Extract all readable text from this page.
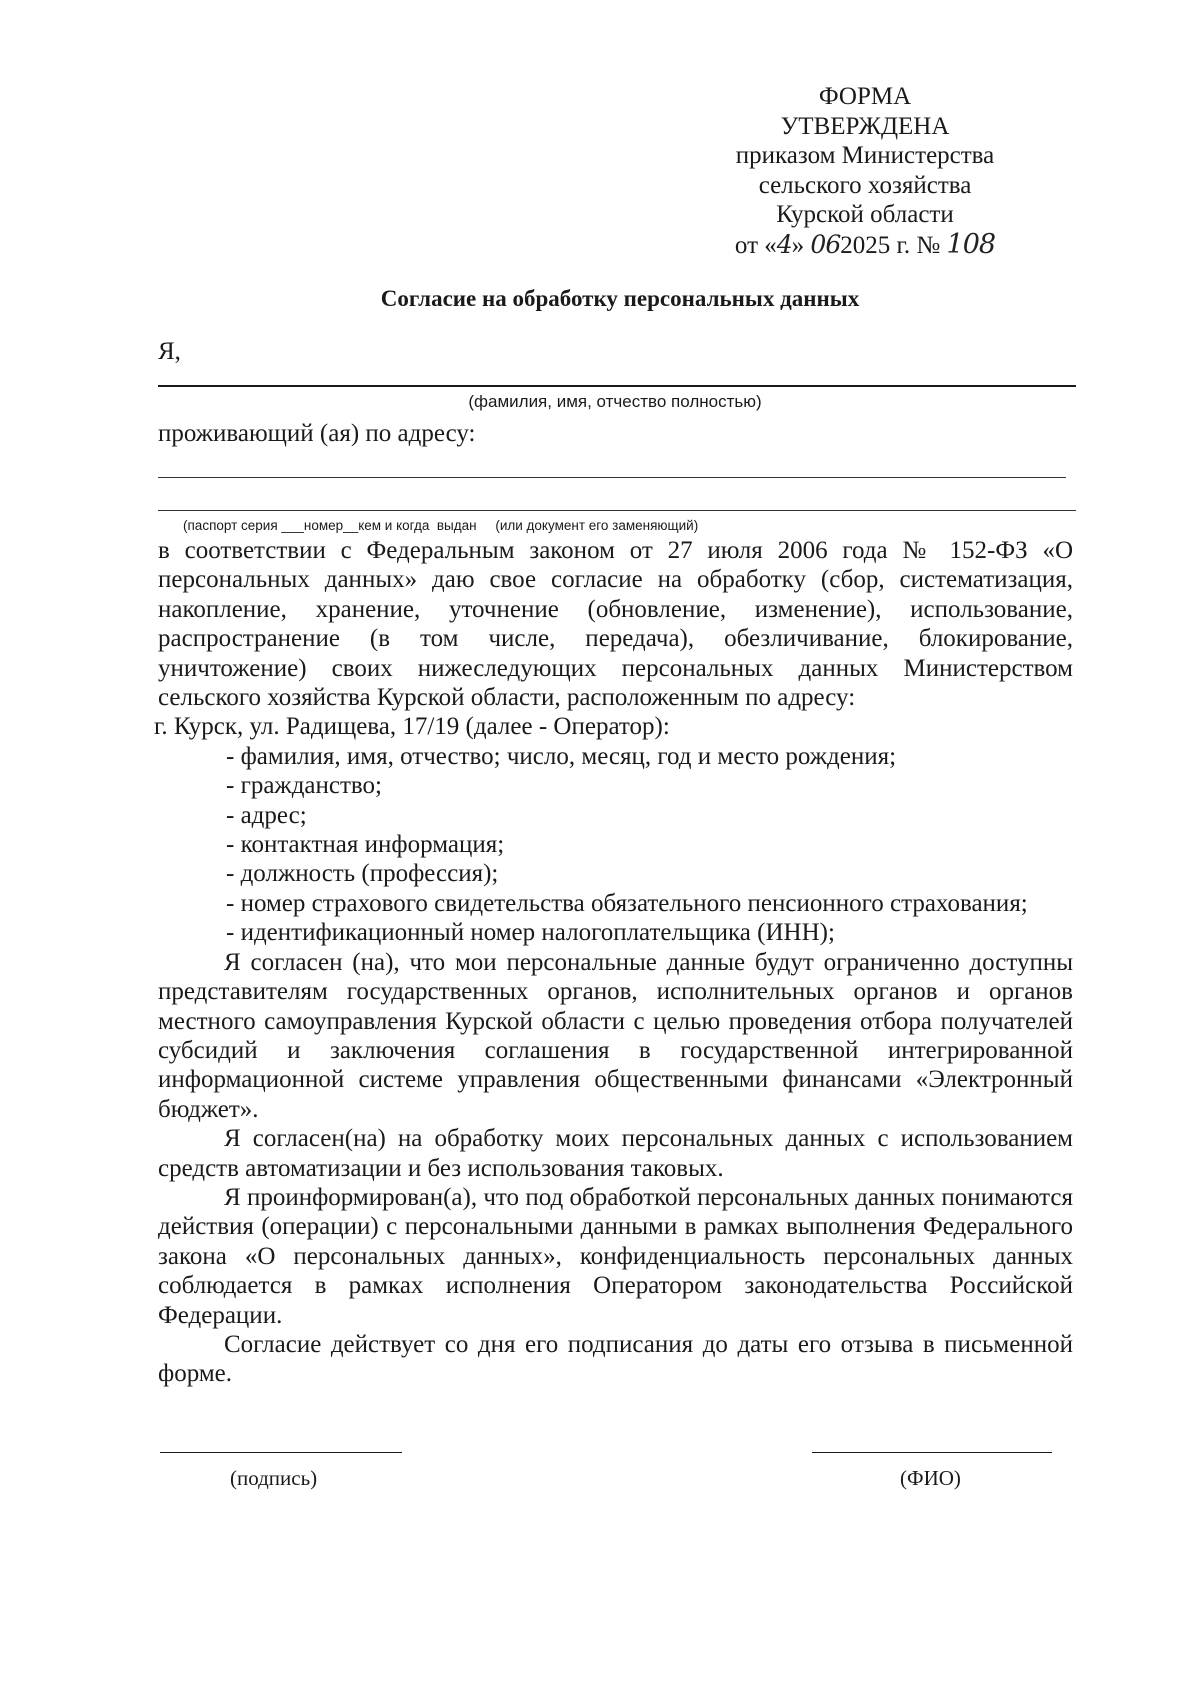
ФОРМА
УТВЕРЖДЕНА
приказом Министерства
сельского хозяйства
Курской области
от «4» 062025 г. № 108
Согласие на обработку персональных данных
Я,
(фамилия, имя, отчество полностью)
проживающий (ая) по адресу:
(паспорт серия ___номер__кем и когда  выдан     (или документ его заменяющий)

в соответствии с Федеральным законом от 27 июля 2006 года № 152-ФЗ «О персональных данных» даю свое согласие на обработку (сбор, систематизация, накопление, хранение, уточнение (обновление, изменение), использование, распространение (в том числе, передача), обезличивание, блокирование, уничтожение) своих нижеследующих персональных данных Министерством сельского хозяйства Курской области, расположенным по адресу:

г. Курск, ул. Радищева, 17/19 (далее - Оператор):

- фамилия, имя, отчество; число, месяц, год и место рождения;
- гражданство;
- адрес;
- контактная информация;
- должность (профессия);
- номер страхового свидетельства обязательного пенсионного страхования;
- идентификационный номер налогоплательщика (ИНН);

Я согласен (на), что мои персональные данные будут ограниченно доступны представителям государственных органов, исполнительных органов и органов местного самоуправления Курской области с целью проведения отбора получателей субсидий и заключения соглашения в государственной интегрированной информационной системе управления общественными финансами «Электронный бюджет».

Я согласен(на) на обработку моих персональных данных с использованием средств автоматизации и без использования таковых.

Я проинформирован(а), что под обработкой персональных данных понимаются действия (операции) с персональными данными в рамках выполнения Федерального закона «О персональных данных», конфиденциальность персональных данных соблюдается в рамках исполнения Оператором законодательства Российской Федерации.

Согласие действует со дня его подписания до даты его отзыва в письменной форме.

(подпись)	(ФИО)
